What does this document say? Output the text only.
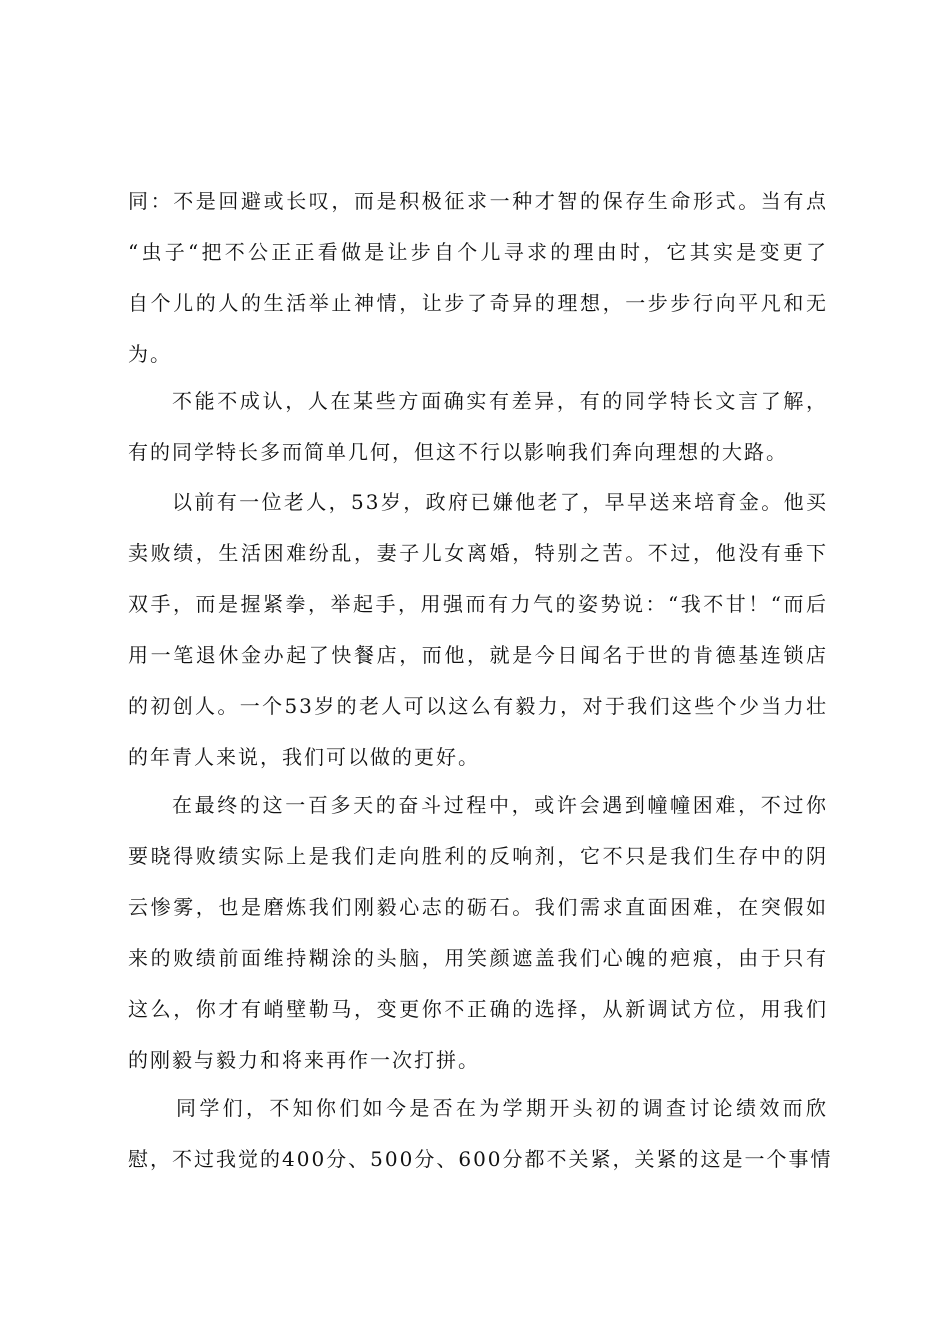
同：不是回避或长叹，而是积极征求一种才智的保存生命形式。当有点
“虫子“把不公正正看做是让步自个儿寻求的理由时，它其实是变更了
自个儿的人的生活举止神情，让步了奇异的理想，一步步行向平凡和无
为。
不能不成认，人在某些方面确实有差异，有的同学特长文言了解，
有的同学特长多而简单几何，但这不行以影响我们奔向理想的大路。
以前有一位老人，53岁，政府已嫌他老了，早早送来培育金。他买
卖败绩，生活困难纷乱，妻子儿女离婚，特别之苦。不过，他没有垂下
双手，而是握紧拳，举起手，用强而有力气的姿势说：“我不甘！“而后
用一笔退休金办起了快餐店，而他，就是今日闻名于世的肯德基连锁店
的初创人。一个53岁的老人可以这么有毅力，对于我们这些个少当力壮
的年青人来说，我们可以做的更好。
在最终的这一百多天的奋斗过程中，或许会遇到幢幢困难，不过你
要晓得败绩实际上是我们走向胜利的反响剂，它不只是我们生存中的阴
云惨雾，也是磨炼我们刚毅心志的砺石。我们需求直面困难，在突假如
来的败绩前面维持糊涂的头脑，用笑颜遮盖我们心魄的疤痕，由于只有
这么，你才有峭壁勒马，变更你不正确的选择，从新调试方位，用我们
的刚毅与毅力和将来再作一次打拼。
同学们，不知你们如今是否在为学期开头初的调查讨论绩效而欣
慰，不过我觉的400分、500分、600分都不关紧，关紧的这是一个事情
